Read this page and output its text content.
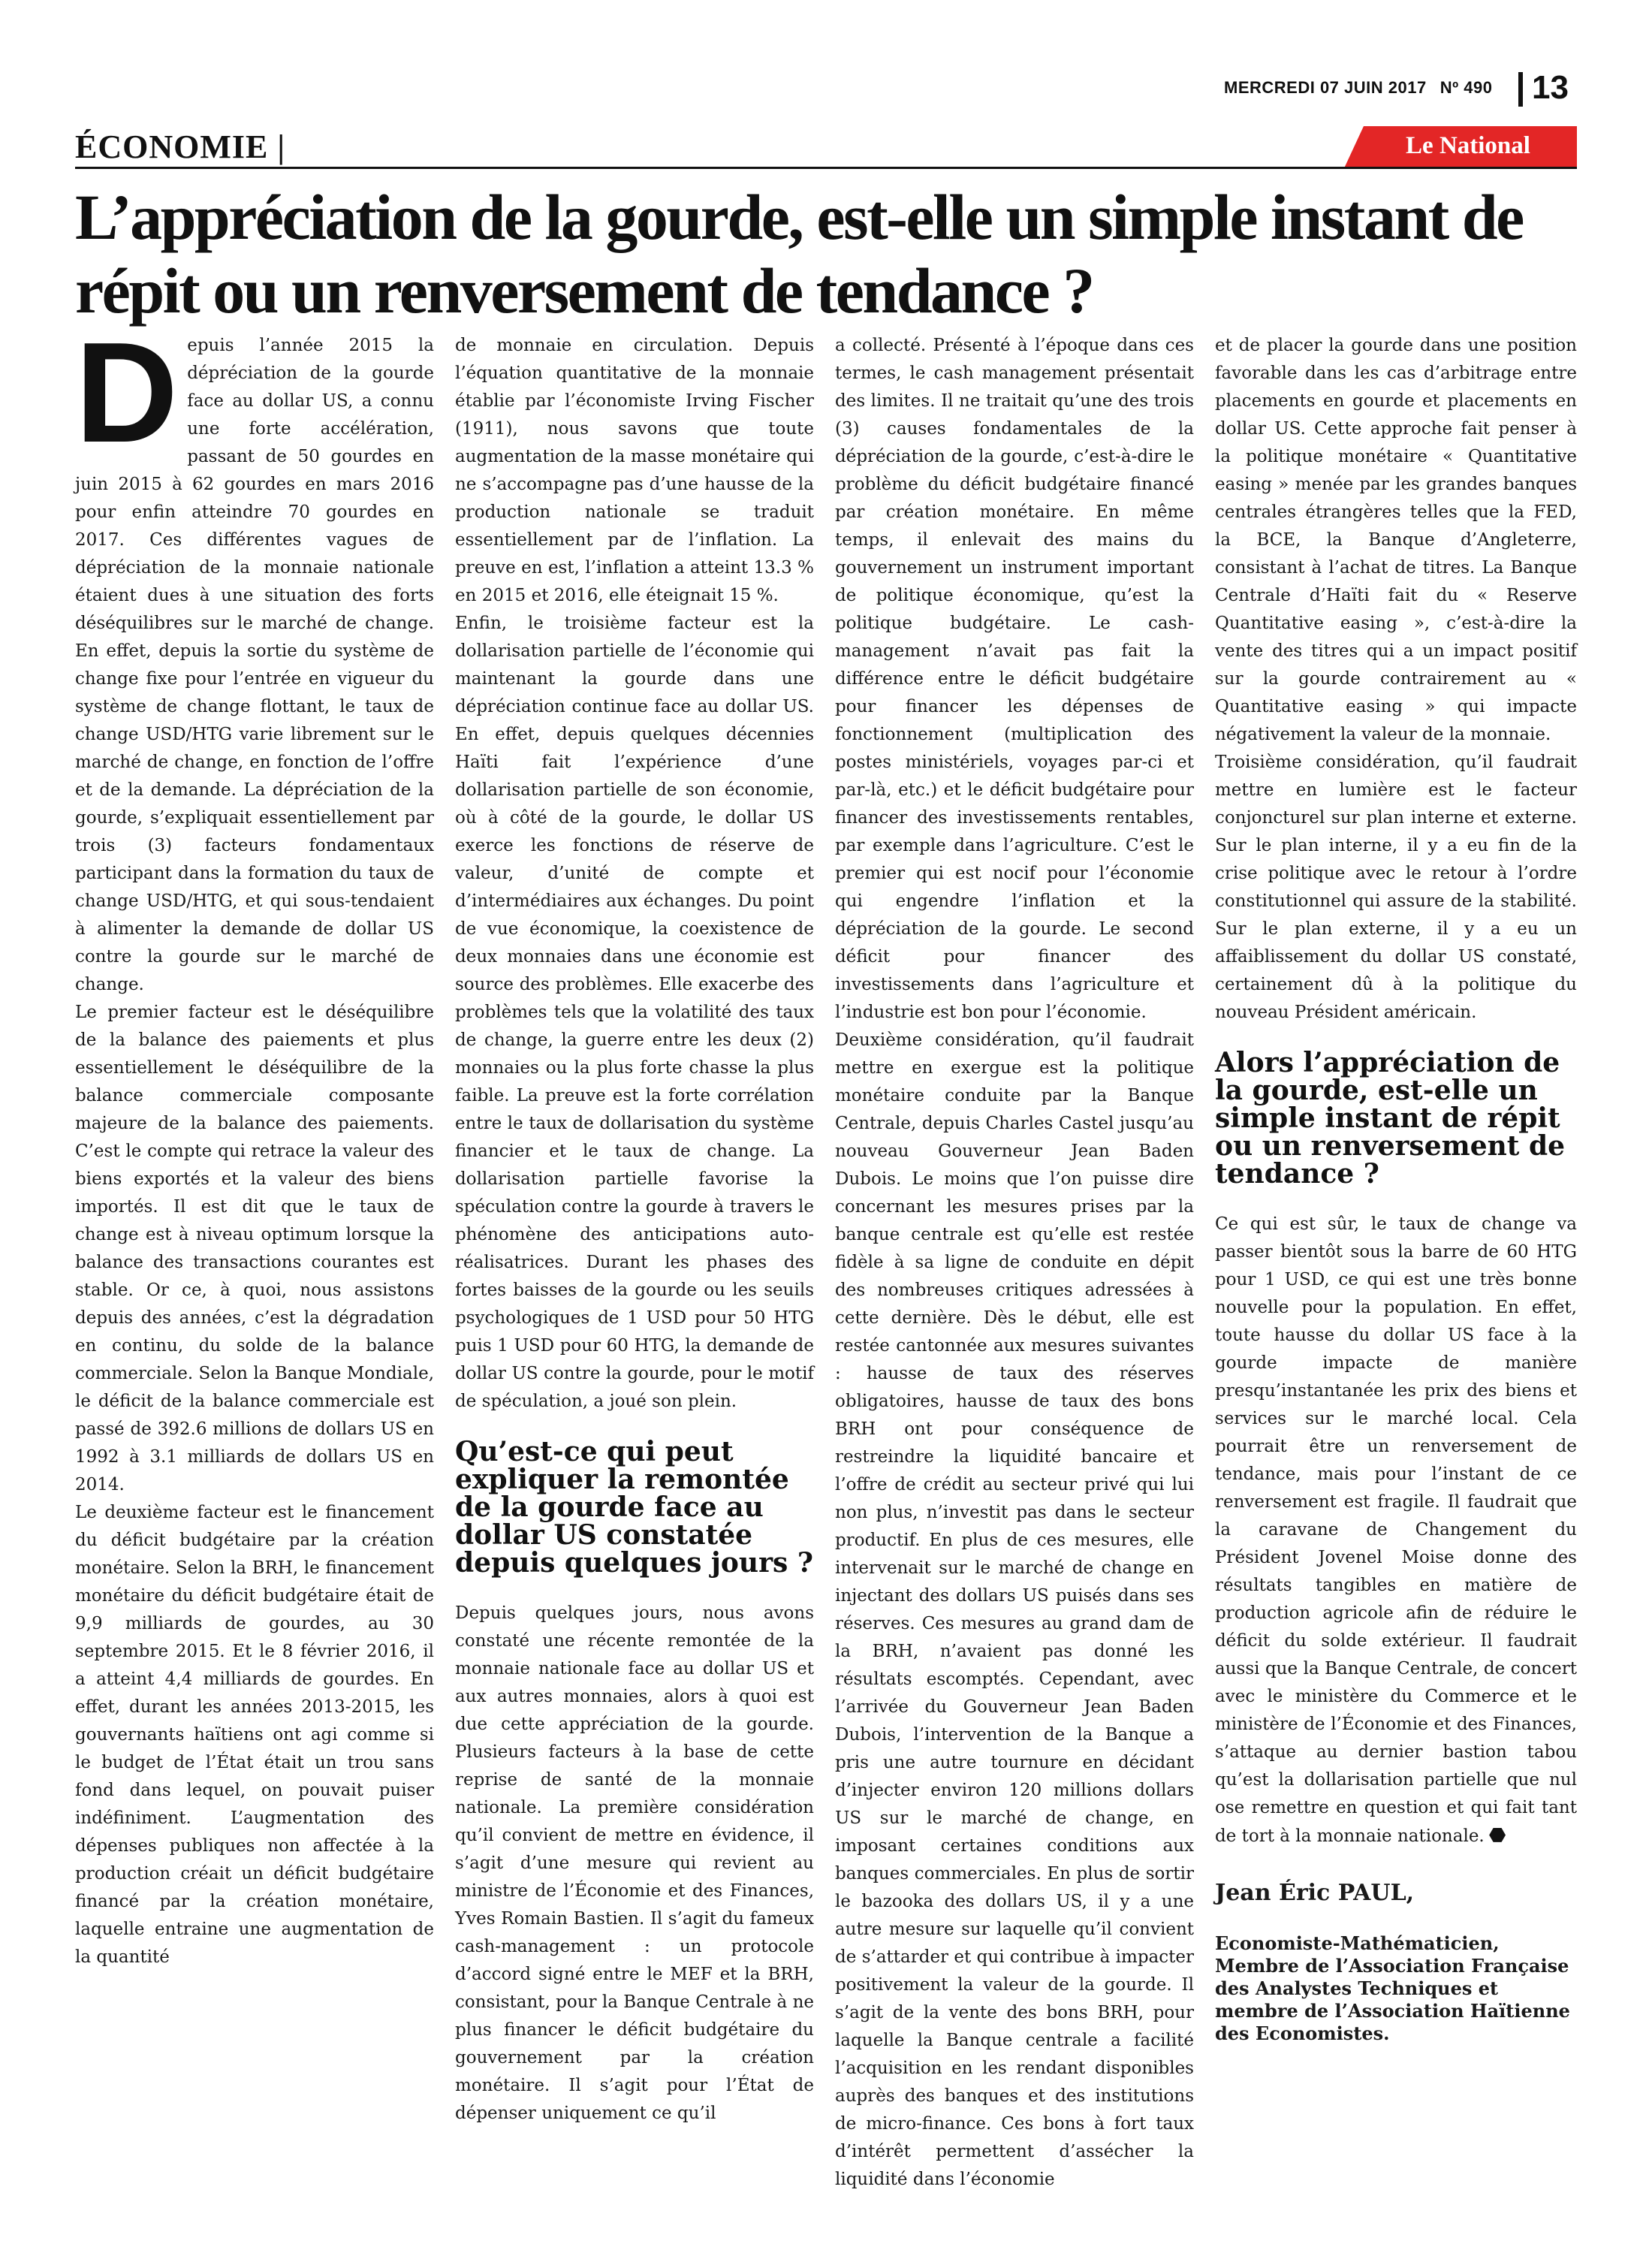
MERCREDI 07 JUIN 2017 Nº 490 13
Le National
ÉCONOMIE |
L’appréciation de la gourde, est-elle un simple instant de répit ou un renversement de tendance ?

Depuis l’année 2015 la dépréciation de la gourde face au dollar US, a connu une forte accélération, passant de 50 gourdes en juin 2015 à 62 gourdes en mars 2016 pour enfin atteindre 70 gourdes en 2017. Ces différentes vagues de dépréciation de la monnaie nationale étaient dues à une situation des forts déséquilibres sur le marché de change. En effet, depuis la sortie du système de change fixe pour l’entrée en vigueur du système de change flottant, le taux de change USD/HTG varie librement sur le marché de change, en fonction de l’offre et de la demande. La dépréciation de la gourde, s’expliquait essentiellement par trois (3) facteurs fondamentaux participant dans la formation du taux de change USD/HTG, et qui sous-tendaient à alimenter la demande de dollar US contre la gourde sur le marché de change.

Le premier facteur est le déséquilibre de la balance des paiements et plus essentiellement le déséquilibre de la balance commerciale composante majeure de la balance des paiements. C’est le compte qui retrace la valeur des biens exportés et la valeur des biens importés. Il est dit que le taux de change est à niveau optimum lorsque la balance des transactions courantes est stable. Or ce, à quoi, nous assistons depuis des années, c’est la dégradation en continu, du solde de la balance commerciale. Selon la Banque Mondiale, le déficit de la balance commerciale est passé de 392.6 millions de dollars US en 1992 à 3.1 milliards de dollars US en 2014.

Le deuxième facteur est le financement du déficit budgétaire par la création monétaire. Selon la BRH, le financement monétaire du déficit budgétaire était de 9,9 milliards de gourdes, au 30 septembre 2015. Et le 8 février 2016, il a atteint 4,4 milliards de gourdes. En effet, durant les années 2013-2015, les gouvernants haïtiens ont agi comme si le budget de l’État était un trou sans fond dans lequel, on pouvait puiser indéfiniment. L’augmentation des dépenses publiques non affectée à la production créait un déficit budgétaire financé par la création monétaire, laquelle entraine une augmentation de la quantité

de monnaie en circulation. Depuis l’équation quantitative de la monnaie établie par l’économiste Irving Fischer (1911), nous savons que toute augmentation de la masse monétaire qui ne s’accompagne pas d’une hausse de la production nationale se traduit essentiellement par de l’inflation. La preuve en est, l’inflation a atteint 13.3 % en 2015 et 2016, elle éteignait 15 %.

Enfin, le troisième facteur est la dollarisation partielle de l’économie qui maintenant la gourde dans une dépréciation continue face au dollar US. En effet, depuis quelques décennies Haïti fait l’expérience d’une dollarisation partielle de son économie, où à côté de la gourde, le dollar US exerce les fonctions de réserve de valeur, d’unité de compte et d’intermédiaires aux échanges. Du point de vue économique, la coexistence de deux monnaies dans une économie est source des problèmes. Elle exacerbe des problèmes tels que la volatilité des taux de change, la guerre entre les deux (2) monnaies ou la plus forte chasse la plus faible. La preuve est la forte corrélation entre le taux de dollarisation du système financier et le taux de change. La dollarisation partielle favorise la spéculation contre la gourde à travers le phénomène des anticipations auto- réalisatrices. Durant les phases des fortes baisses de la gourde ou les seuils psychologiques de 1 USD pour 50 HTG puis 1 USD pour 60 HTG, la demande de dollar US contre la gourde, pour le motif de spéculation, a joué son plein.

Qu’est-ce qui peut expliquer la remontée de la gourde face au dollar US constatée depuis quelques jours ?

Depuis quelques jours, nous avons constaté une récente remontée de la monnaie nationale face au dollar US et aux autres monnaies, alors à quoi est due cette appréciation de la gourde. Plusieurs facteurs à la base de cette reprise de santé de la monnaie nationale. La première considération qu’il convient de mettre en évidence, il s’agit d’une mesure qui revient au ministre de l’Économie et des Finances, Yves Romain Bastien. Il s’agit du fameux cash-management : un protocole d’accord signé entre le MEF et la BRH, consistant, pour la Banque Centrale à ne plus financer le déficit budgétaire du gouvernement par la création monétaire. Il s’agit pour l’État de dépenser uniquement ce qu’il

a collecté. Présenté à l’époque dans ces termes, le cash management présentait des limites. Il ne traitait qu’une des trois (3) causes fondamentales de la dépréciation de la gourde, c’est-à-dire le problème du déficit budgétaire financé par création monétaire. En même temps, il enlevait des mains du gouvernement un instrument important de politique économique, qu’est la politique budgétaire. Le cash-management n’avait pas fait la différence entre le déficit budgétaire pour financer les dépenses de fonctionnement (multiplication des postes ministériels, voyages par-ci et par-là, etc.) et le déficit budgétaire pour financer des investissements rentables, par exemple dans l’agriculture. C’est le premier qui est nocif pour l’économie qui engendre l’inflation et la dépréciation de la gourde. Le second déficit pour financer des investissements dans l’agriculture et l’industrie est bon pour l’économie.

Deuxième considération, qu’il faudrait mettre en exergue est la politique monétaire conduite par la Banque Centrale, depuis Charles Castel jusqu’au nouveau Gouverneur Jean Baden Dubois. Le moins que l’on puisse dire concernant les mesures prises par la banque centrale est qu’elle est restée fidèle à sa ligne de conduite en dépit des nombreuses critiques adressées à cette dernière. Dès le début, elle est restée cantonnée aux mesures suivantes : hausse de taux des réserves obligatoires, hausse de taux des bons BRH ont pour conséquence de restreindre la liquidité bancaire et l’offre de crédit au secteur privé qui lui non plus, n’investit pas dans le secteur productif. En plus de ces mesures, elle intervenait sur le marché de change en injectant des dollars US puisés dans ses réserves. Ces mesures au grand dam de la BRH, n’avaient pas donné les résultats escomptés. Cependant, avec l’arrivée du Gouverneur Jean Baden Dubois, l’intervention de la Banque a pris une autre tournure en décidant d’injecter environ 120 millions dollars US sur le marché de change, en imposant certaines conditions aux banques commerciales. En plus de sortir le bazooka des dollars US, il y a une autre mesure sur laquelle qu’il convient de s’attarder et qui contribue à impacter positivement la valeur de la gourde. Il s’agit de la vente des bons BRH, pour laquelle la Banque centrale a facilité l’acquisition en les rendant disponibles auprès des banques et des institutions de micro-finance. Ces bons à fort taux d’intérêt permettent d’assécher la liquidité dans l’économie

et de placer la gourde dans une position favorable dans les cas d’arbitrage entre placements en gourde et placements en dollar US. Cette approche fait penser à la politique monétaire « Quantitative easing » menée par les grandes banques centrales étrangères telles que la FED, la BCE, la Banque d’Angleterre, consistant à l’achat de titres. La Banque Centrale d’Haïti fait du « Reserve Quantitative easing », c’est-à-dire la vente des titres qui a un impact positif sur la gourde contrairement au « Quantitative easing » qui impacte négativement la valeur de la monnaie.

Troisième considération, qu’il faudrait mettre en lumière est le facteur conjoncturel sur plan interne et externe. Sur le plan interne, il y a eu fin de la crise politique avec le retour à l’ordre constitutionnel qui assure de la stabilité. Sur le plan externe, il y a eu un affaiblissement du dollar US constaté, certainement dû à la politique du nouveau Président américain.

Alors l’appréciation de la gourde, est-elle un simple instant de répit ou un renversement de tendance ?

Ce qui est sûr, le taux de change va passer bientôt sous la barre de 60 HTG pour 1 USD, ce qui est une très bonne nouvelle pour la population. En effet, toute hausse du dollar US face à la gourde impacte de manière presqu’instantanée les prix des biens et services sur le marché local. Cela pourrait être un renversement de tendance, mais pour l’instant de ce renversement est fragile. Il faudrait que la caravane de Changement du Président Jovenel Moise donne des résultats tangibles en matière de production agricole afin de réduire le déficit du solde extérieur. Il faudrait aussi que la Banque Centrale, de concert avec le ministère du Commerce et le ministère de l’Économie et des Finances, s’attaque au dernier bastion tabou qu’est la dollarisation partielle que nul ose remettre en question et qui fait tant de tort à la monnaie nationale. ⬣

Jean Éric PAUL,

Economiste-Mathématicien, Membre de l’Association Française des Analystes Techniques et membre de l’Association Haïtienne des Economistes.
